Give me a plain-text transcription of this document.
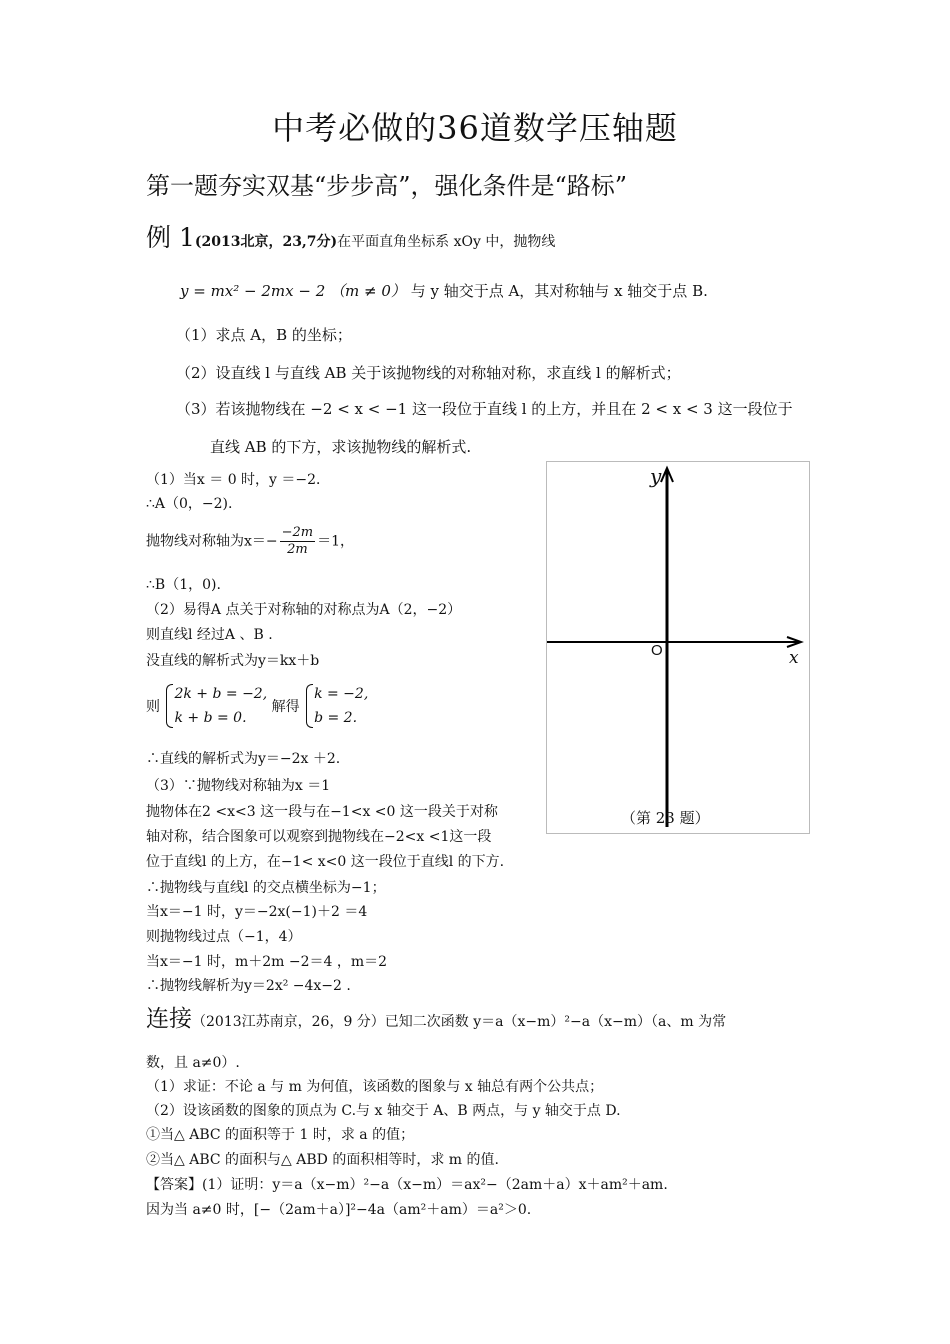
中考必做的36道数学压轴题
第一题夯实双基“步步高”，强化条件是“路标”
例 1(2013北京，23,7分)在平面直角坐标系 xOy 中，抛物线
y = mx² − 2mx − 2 （m ≠ 0） 与 y 轴交于点 A，其对称轴与 x 轴交于点 B.
（1）求点 A，B 的坐标；
（2）设直线 l 与直线 AB 关于该抛物线的对称轴对称，求直线 l 的解析式；
（3）若该抛物线在 −2 < x < −1 这一段位于直线 l 的上方，并且在 2 < x < 3 这一段位于
直线 AB 的下方，求该抛物线的解析式.
（1）当x ＝ 0 时，y ＝−2．
∴A（0，−2).
抛物线对称轴为$x=- \frac{-2m}{2m} =1$，
∴B（1，0).
（2）易得A 点关于对称轴的对称点为A（2，−2）
则直线l 经过A 、B .
没直线的解析式为y＝kx＋b
则
2k + b = −2,
k + b = 0.
解得
k = −2,
b = 2.
∴直线的解析式为y＝−2x ＋2.
（3）∵抛物线对称轴为x ＝1
抛物体在2 <x<3 这一段与在−1<x <0 这一段关于对称
轴对称，结合图象可以观察到抛物线在−2<x <1这一段
位于直线l 的上方，在−1< x<0 这一段位于直线l 的下方.
∴抛物线与直线l 的交点横坐标为−1；
当x＝−1 时，y＝−2x(−1)＋2 ＝4
则抛物线过点（−1，4）
当x＝−1 时，m＋2m −2＝4 ，m＝2
∴抛物线解析为y＝2x² −4x−2 .
y
x
O
（第 23 题）
连接（2013江苏南京，26，9 分）已知二次函数 y＝a（x−m）²−a（x−m）（a、m 为常
数，且 a≠0）.
（1）求证：不论 a 与 m 为何值，该函数的图象与 x 轴总有两个公共点；
（2）设该函数的图象的顶点为 C.与 x 轴交于 A、B 两点，与 y 轴交于点 D.
①当△ ABC 的面积等于 1 时，求 a 的值；
②当△ ABC 的面积与△ ABD 的面积相等时，求 m 的值.
【答案】(1）证明：y＝a（x−m）²−a（x−m）＝ax²−（2am＋a）x＋am²＋am.
因为当 a≠0 时，[−（2am＋a）]²−4a（am²＋am）＝a²＞0.
